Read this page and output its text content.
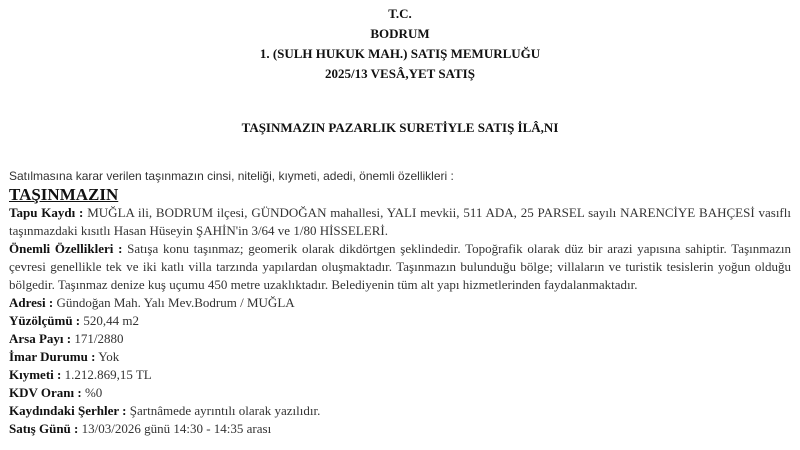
T.C.
BODRUM
1. (SULH HUKUK MAH.) SATIŞ MEMURLUĞU
2025/13 VESÂ,YET SATIŞ
TAŞINMAZIN PAZARLIK SURETİYLE SATIŞ İLÂ,NI
Satılmasına karar verilen taşınmazın cinsi, niteliği, kıymeti, adedi, önemli özellikleri :
TAŞINMAZIN
Tapu Kaydı : MUĞLA ili, BODRUM ilçesi, GÜNDOĞAN mahallesi, YALI mevkii, 511 ADA, 25 PARSEL sayılı NARENCİYE BAHÇESİ vasıflı taşınmazdaki kısıtlı Hasan Hüseyin ŞAHİN'in 3/64 ve 1/80 HİSSELERİ.
Önemli Özellikleri : Satışa konu taşınmaz; geomerik olarak dikdörtgen şeklindedir. Topoğrafik olarak düz bir arazi yapısına sahiptir. Taşınmazın çevresi genellikle tek ve iki katlı villa tarzında yapılardan oluşmaktadır. Taşınmazın bulunduğu bölge; villaların ve turistik tesislerin yoğun olduğu bölgedir. Taşınmaz denize kuş uçumu 450 metre uzaklıktadır. Belediyenin tüm alt yapı hizmetlerinden faydalanmaktadır.
Adresi : Gündoğan Mah. Yalı Mev.Bodrum / MUĞLA
Yüzölçümü : 520,44 m2
Arsa Payı : 171/2880
İmar Durumu : Yok
Kıymeti : 1.212.869,15 TL
KDV Oranı : %0
Kaydındaki Şerhler : Şartnâmede ayrıntılı olarak yazılıdır.
Satış Günü : 13/03/2026 günü 14:30 - 14:35 arası
